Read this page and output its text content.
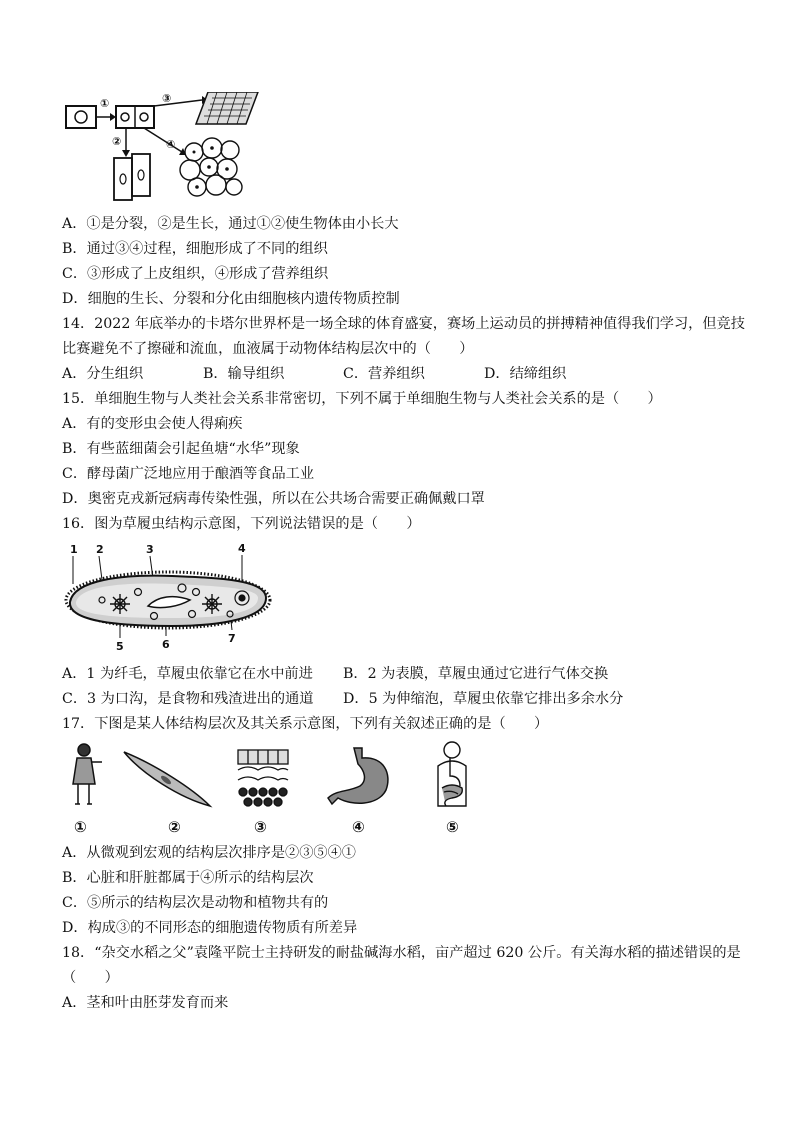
①	③
②	④
A．①是分裂，②是生长，通过①②使生物体由小长大
B．通过③④过程，细胞形成了不同的组织
C．③形成了上皮组织，④形成了营养组织
D．细胞的生长、分裂和分化由细胞核内遗传物质控制
14．2022 年底举办的卡塔尔世界杯是一场全球的体育盛宴，赛场上运动员的拼搏精神值得我们学习，但竞技
比赛避免不了擦碰和流血，血液属于动物体结构层次中的（　　）
A．分生组织	B．输导组织	C．营养组织	D．结缔组织
15．单细胞生物与人类社会关系非常密切，下列不属于单细胞生物与人类社会关系的是（　　）
A．有的变形虫会使人得痢疾
B．有些蓝细菌会引起鱼塘“水华”现象
C．酵母菌广泛地应用于酿酒等食品工业
D．奥密克戎新冠病毒传染性强，所以在公共场合需要正确佩戴口罩
16．图为草履虫结构示意图，下列说法错误的是（　　）
1 2	3	4
5	6	7
A．1 为纤毛，草履虫依靠它在水中前进 B．2 为表膜，草履虫通过它进行气体交换
C．3 为口沟，是食物和残渣进出的通道 D．5 为伸缩泡，草履虫依靠它排出多余水分
17．下图是某人体结构层次及其关系示意图，下列有关叙述正确的是（　　）
①	②	③	④	⑤
A．从微观到宏观的结构层次排序是②③⑤④①
B．心脏和肝脏都属于④所示的结构层次
C．⑤所示的结构层次是动物和植物共有的
D．构成③的不同形态的细胞遗传物质有所差异
18．“杂交水稻之父”袁隆平院士主持研发的耐盐碱海水稻，亩产超过 620 公斤。有关海水稻的描述错误的是
（　　）
A．茎和叶由胚芽发育而来
